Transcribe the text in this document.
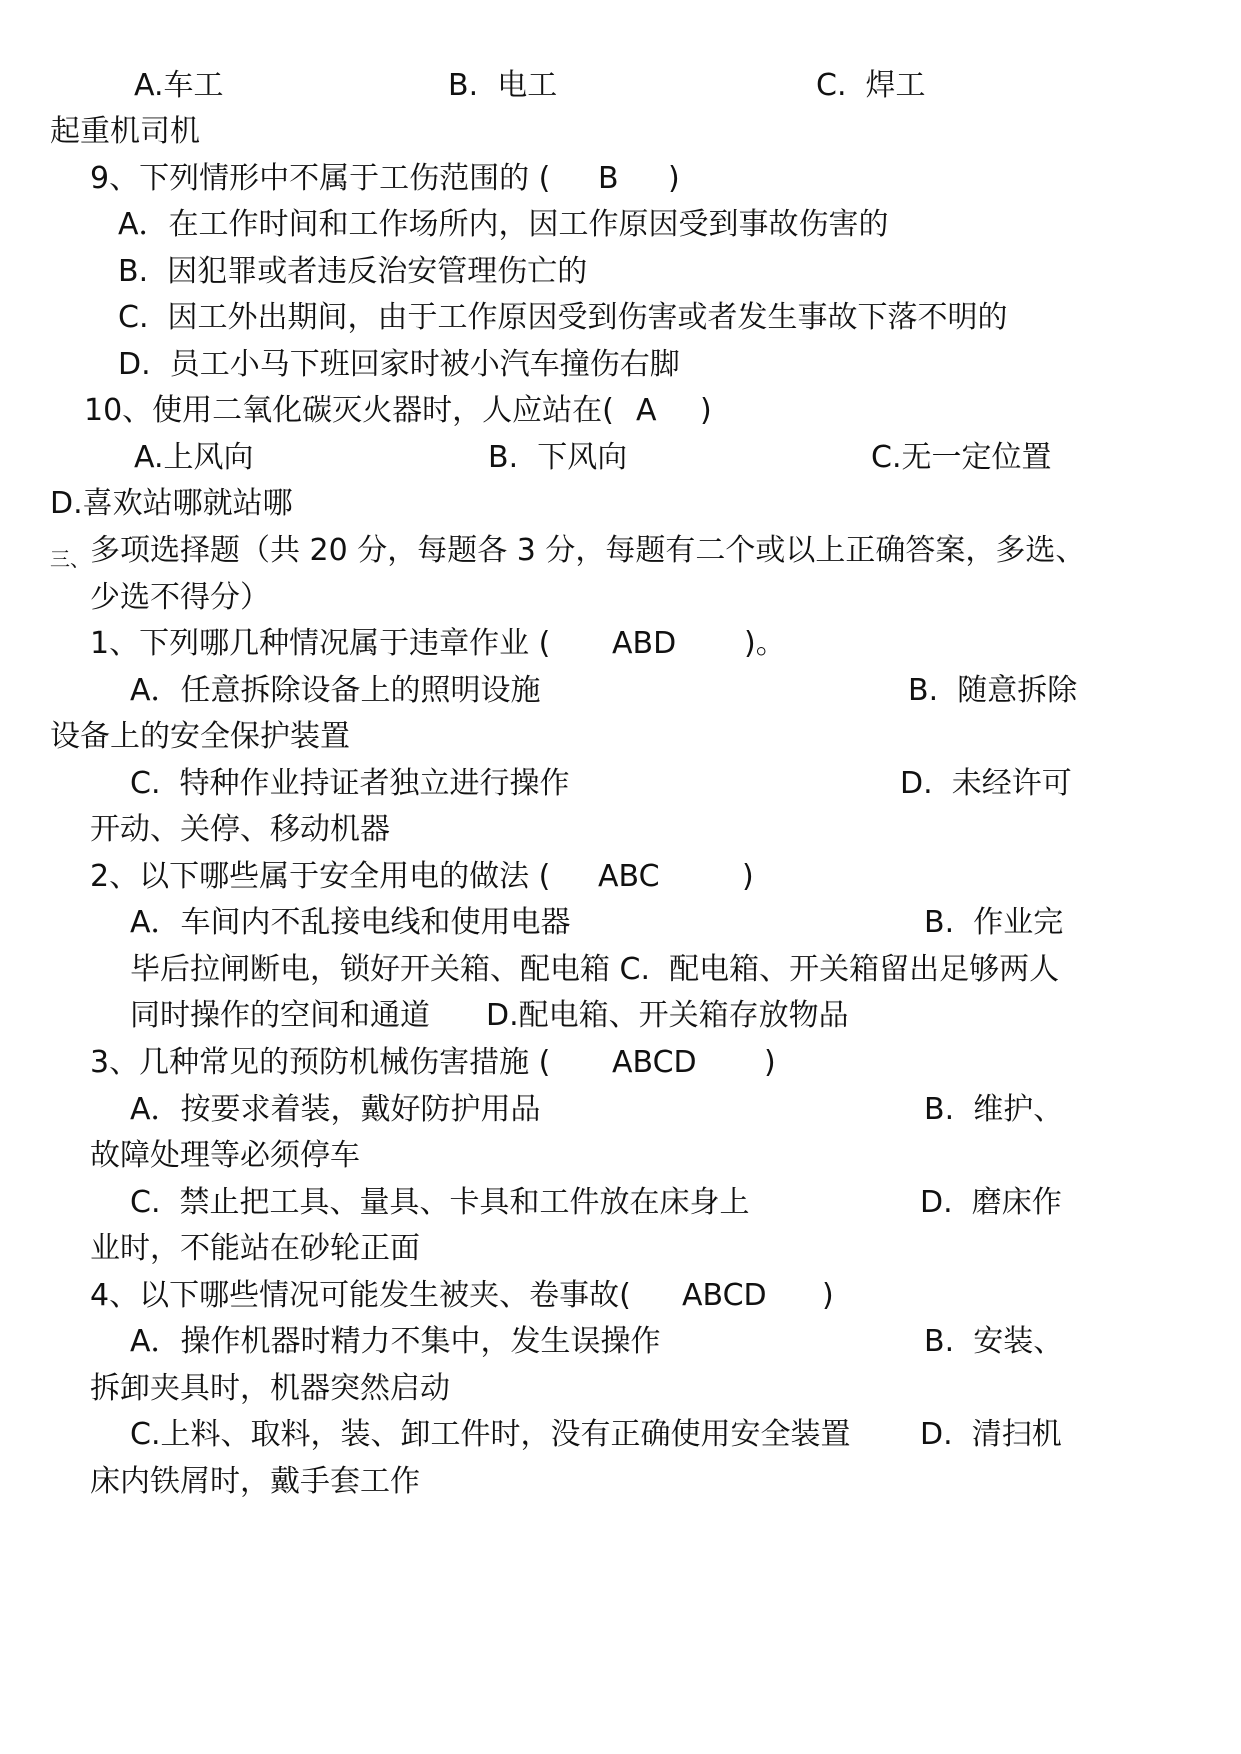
A.车工	B.  电工	C.  焊工
起重机司机
9、下列情形中不属于工伤范围的 ( B )
A．在工作时间和工作场所内，因工作原因受到事故伤害的
B.  因犯罪或者违反治安管理伤亡的
C.  因工外出期间，由于工作原因受到伤害或者发生事故下落不明的
D.  员工小马下班回家时被小汽车撞伤右脚
10、使用二氧化碳灭火器时，人应站在( A )
A.上风向	B.  下风向	C.无一定位置
D.喜欢站哪就站哪
三、 多项选择题（共 20 分，每题各 3 分，每题有二个或以上正确答案，多选、
少选不得分）
1、下列哪几种情况属于违章作业 ( ABD )。
A．任意拆除设备上的照明设施	B.  随意拆除
设备上的安全保护装置
C.  特种作业持证者独立进行操作	D.  未经许可
开动、关停、移动机器
2、以下哪些属于安全用电的做法 ( ABC	)
A．车间内不乱接电线和使用电器	B.  作业完
毕后拉闸断电，锁好开关箱、配电箱 C.  配电箱、开关箱留出足够两人
同时操作的空间和通道 D.配电箱、开关箱存放物品
3、几种常见的预防机械伤害措施 ( ABCD )
A．按要求着装，戴好防护用品	B.  维护、
故障处理等必须停车
C.  禁止把工具、量具、卡具和工件放在床身上	D.  磨床作
业时，不能站在砂轮正面
4、以下哪些情况可能发生被夹、卷事故( ABCD )
A．操作机器时精力不集中，发生误操作	B.  安装、
拆卸夹具时，机器突然启动
C.上料、取料，装、卸工件时，没有正确使用安全装置 D.  清扫机
床内铁屑时，戴手套工作
